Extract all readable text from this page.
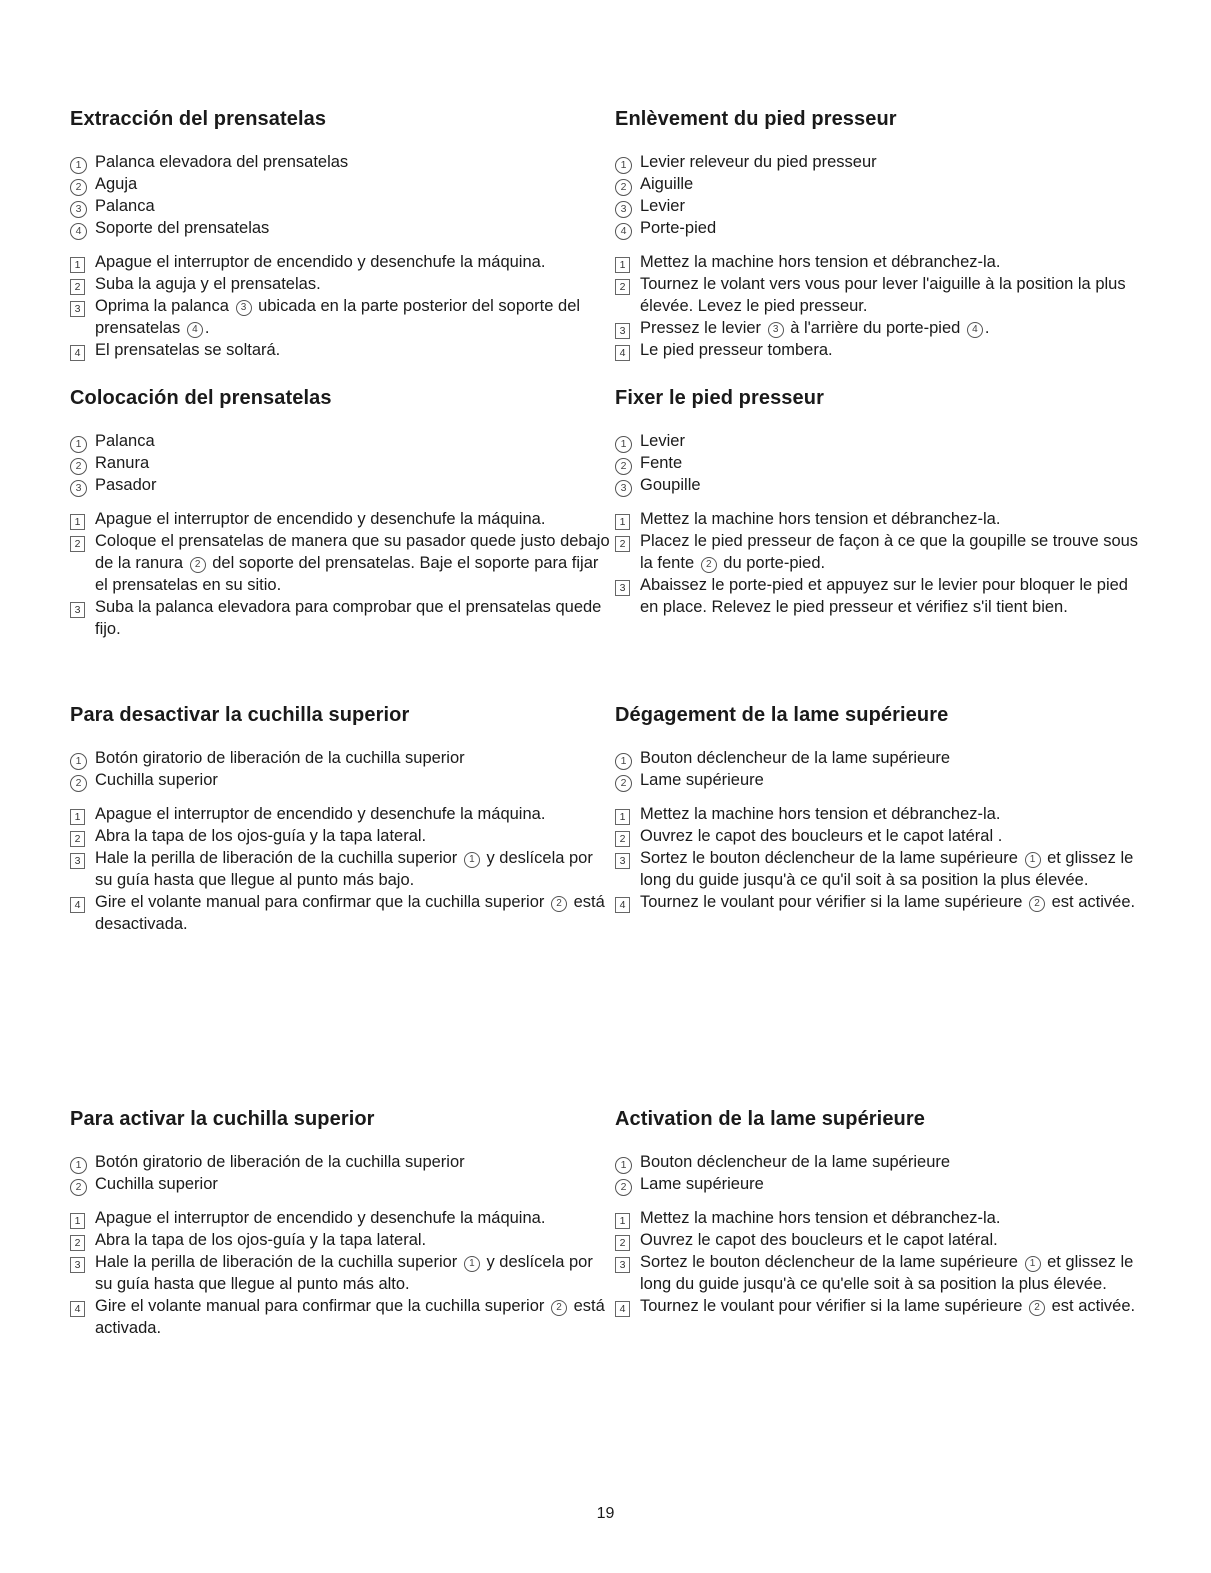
Extracción del prensatelas
1 Palanca elevadora del prensatelas
2 Aguja
3 Palanca
4 Soporte del prensatelas
1 Apague el interruptor de encendido y desenchufe la máquina.
2 Suba la aguja y el prensatelas.
3 Oprima la palanca 3 ubicada en la parte posterior del soporte del prensatelas 4 .
4 El prensatelas se soltará.
Enlèvement du pied presseur
1 Levier releveur du pied presseur
2 Aiguille
3 Levier
4 Porte-pied
1 Mettez la machine hors tension et débranchez-la.
2 Tournez le volant vers vous pour lever l'aiguille à la position la plus élevée. Levez le pied presseur.
3 Pressez le levier 3 à l'arrière du porte-pied 4 .
4 Le pied presseur tombera.
Colocación del prensatelas
1 Palanca
2 Ranura
3 Pasador
1 Apague el interruptor de encendido y desenchufe la máquina.
2 Coloque el prensatelas de manera que su pasador quede justo debajo de la ranura 2 del soporte del prensatelas. Baje el soporte para fijar el prensatelas en su sitio.
3 Suba la palanca elevadora para comprobar que el prensatelas quede fijo.
Fixer le pied presseur
1 Levier
2 Fente
3 Goupille
1 Mettez la machine hors tension et débranchez-la.
2 Placez le pied presseur de façon à ce que la goupille se trouve sous la fente 2 du porte-pied.
3 Abaissez le porte-pied et appuyez sur le levier pour bloquer le pied en place. Relevez le pied presseur et vérifiez s'il tient bien.
Para desactivar la cuchilla superior
1 Botón giratorio de liberación de la cuchilla superior
2 Cuchilla superior
1 Apague el interruptor de encendido y desenchufe la máquina.
2 Abra la tapa de los ojos-guía y la tapa lateral.
3 Hale la perilla de liberación de la cuchilla superior 1 y deslícela por su guía hasta que llegue al punto más bajo.
4 Gire el volante manual para confirmar que la cuchilla superior 2 está desactivada.
Dégagement de la lame supérieure
1 Bouton déclencheur de la lame supérieure
2 Lame supérieure
1 Mettez la machine hors tension et débranchez-la.
2 Ouvrez le capot des boucleurs et le capot latéral .
3 Sortez le bouton déclencheur de la lame supérieure 1 et glissez le long du guide jusqu'à ce qu'il soit à sa position la plus élevée.
4 Tournez le voulant pour vérifier si la lame supérieure 2 est activée.
Para activar la cuchilla superior
1 Botón giratorio de liberación de la cuchilla superior
2 Cuchilla superior
1 Apague el interruptor de encendido y desenchufe la máquina.
2 Abra la tapa de los ojos-guía y la tapa lateral.
3 Hale la perilla de liberación de la cuchilla superior 1 y deslícela por su guía hasta que llegue al punto más alto.
4 Gire el volante manual para confirmar que la cuchilla superior 2 está activada.
Activation de la lame supérieure
1 Bouton déclencheur de la lame supérieure
2 Lame supérieure
1 Mettez la machine hors tension et débranchez-la.
2 Ouvrez le capot des boucleurs et le capot latéral.
3 Sortez le bouton déclencheur de la lame supérieure 1 et glissez le long du guide jusqu'à ce qu'elle soit à sa position la plus élevée.
4 Tournez le voulant pour vérifier si la lame supérieure 2 est activée.
19
